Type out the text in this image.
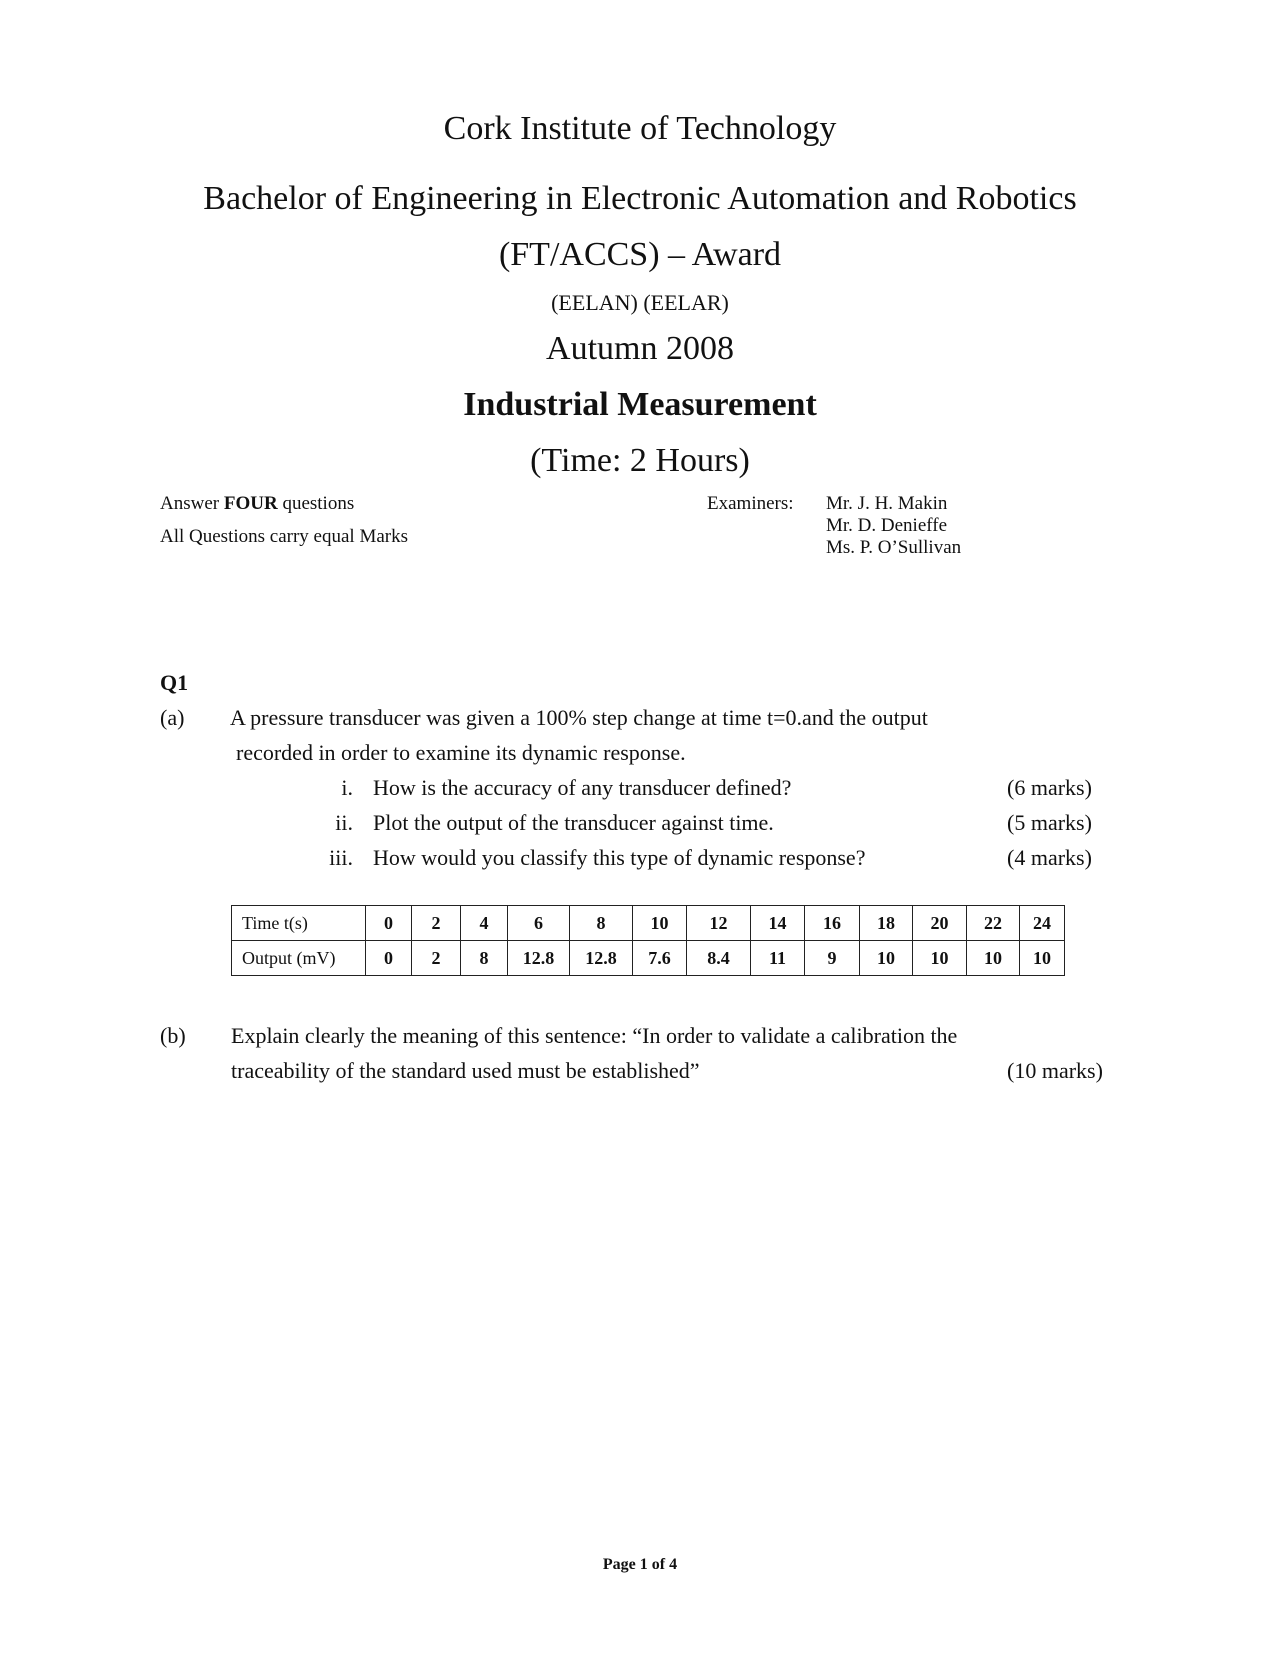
Cork Institute of Technology
Bachelor of Engineering in Electronic Automation and Robotics
(FT/ACCS) – Award
(EELAN) (EELAR)
Autumn 2008
Industrial Measurement
(Time: 2 Hours)
Answer FOUR questions
All Questions carry equal Marks
Examiners: Mr. J. H. Makin
Mr. D. Denieffe
Ms. P. O’Sullivan
Q1
(a) A pressure transducer was given a 100% step change at time t=0.and the output
recorded in order to examine its dynamic response.
i. How is the accuracy of any transducer defined?	(6 marks)
ii. Plot the output of the transducer against time.	(5 marks)
iii. How would you classify this type of dynamic response?	(4 marks)
Time t(s)	0	2	4	6	8	10	12	14	16	18	20	22	24
Output (mV)	0	2	8	12.8	12.8	7.6	8.4	11	9	10	10	10	10
(b) Explain clearly the meaning of this sentence: “In order to validate a calibration the
traceability of the standard used must be established”	(10 marks)
Page 1 of 4
